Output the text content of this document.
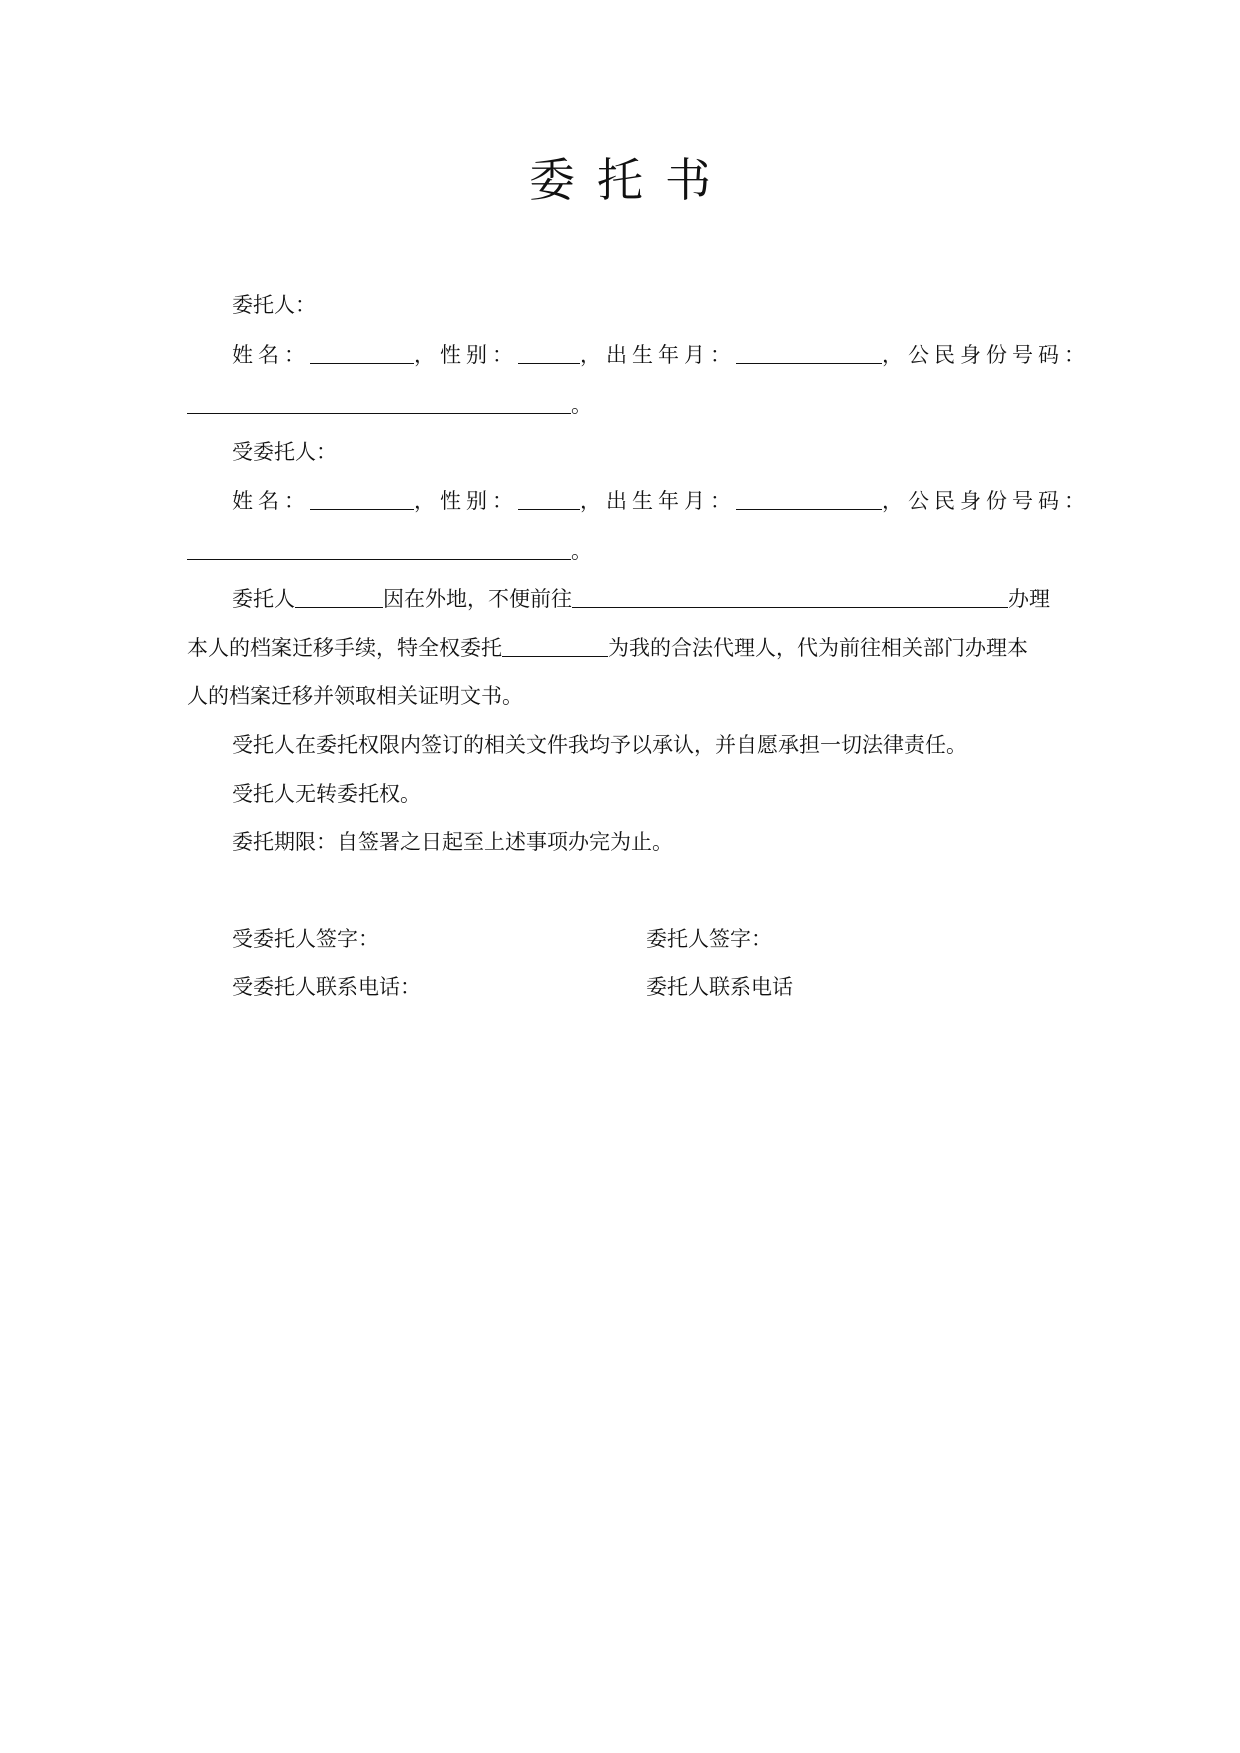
委托书
委托人：
姓名：	，性别：	，出生年月：	，公民身份号码：
。
受委托人：
姓名：	，性别：	，出生年月：	，公民身份号码：
。
委托人	因在外地，不便前往	办理
本人的档案迁移手续，特全权委托	为我的合法代理人，代为前往相关部门办理本
人的档案迁移并领取相关证明文书。
受托人在委托权限内签订的相关文件我均予以承认，并自愿承担一切法律责任。
受托人无转委托权。
委托期限：自签署之日起至上述事项办完为止。
受委托人签字：	委托人签字：
受委托人联系电话：	委托人联系电话
